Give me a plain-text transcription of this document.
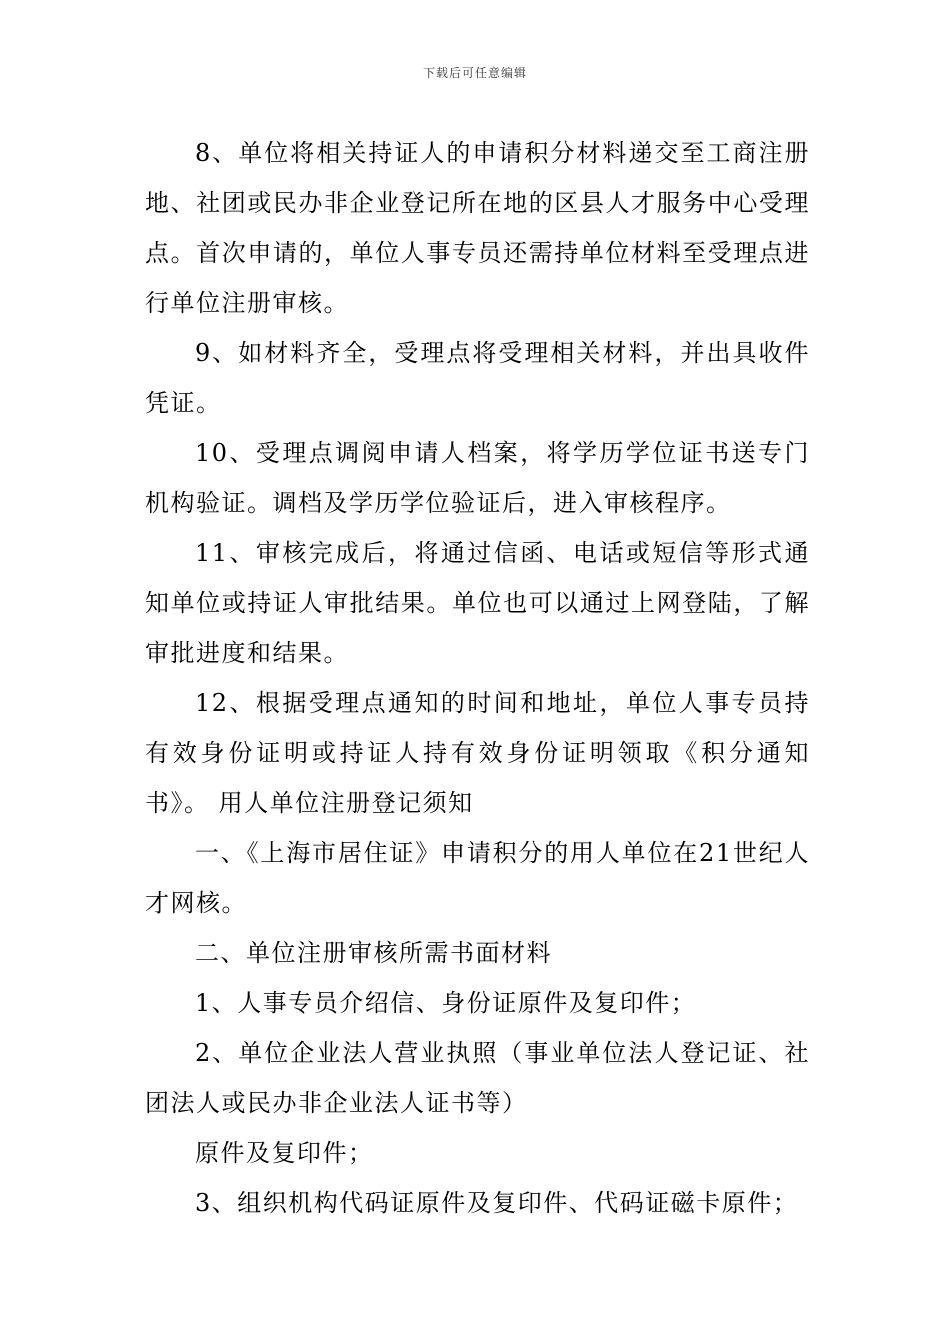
下载后可任意编辑

8、单位将相关持证人的申请积分材料递交至工商注册地、社团或民办非企业登记所在地的区县人才服务中心受理点。首次申请的，单位人事专员还需持单位材料至受理点进行单位注册审核。

9、如材料齐全，受理点将受理相关材料，并出具收件凭证。

10、受理点调阅申请人档案，将学历学位证书送专门机构验证。调档及学历学位验证后，进入审核程序。

11、审核完成后，将通过信函、电话或短信等形式通知单位或持证人审批结果。单位也可以通过上网登陆，了解审批进度和结果。

12、根据受理点通知的时间和地址，单位人事专员持有效身份证明或持证人持有效身份证明领取《积分通知书》。 用人单位注册登记须知

一、《上海市居住证》申请积分的用人单位在21世纪人才网核。

二、单位注册审核所需书面材料

1、人事专员介绍信、身份证原件及复印件；

2、单位企业法人营业执照（事业单位法人登记证、社团法人或民办非企业法人证书等）

原件及复印件；

3、组织机构代码证原件及复印件、代码证磁卡原件；
